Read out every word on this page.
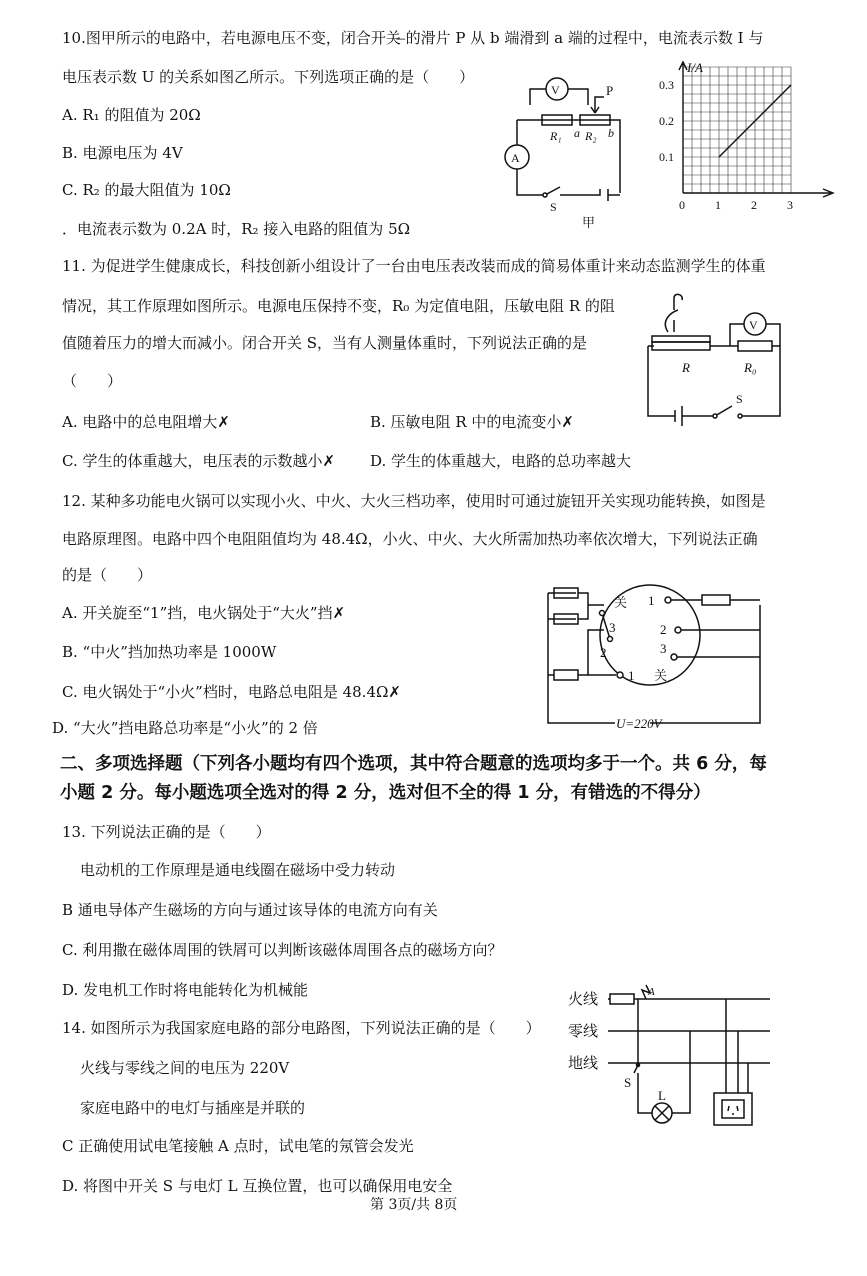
10.图甲所示的电路中，若电源电压不变，闭合开关 ̶的滑片 P 从 b 端滑到 a 端的过程中，电流表示数 I 与
电压表示数 U 的关系如图乙所示。下列选项正确的是（　　）
A. R₁ 的阻值为 20Ω
B. 电源电压为 4V
C. R₂ 的最大阻值为 10Ω
．电流表示数为 0.2A 时，R₂ 接入电路的阻值为 5Ω
V
A
P
R₁ a R₂ b
S
甲
I/A
0.3
0.2
0.1
0	1	2	3
11. 为促进学生健康成长，科技创新小组设计了一台由电压表改装而成的简易体重计来动态监测学生的体重
情况，其工作原理如图所示。电源电压保持不变，R₀ 为定值电阻，压敏电阻 R 的阻
值随着压力的增大而减小。闭合开关 S，当有人测量体重时，下列说法正确的是
（　　）
A. 电路中的总电阻增大✗	B. 压敏电阻 R 中的电流变小✗
C. 学生的体重越大，电压表的示数越小✗ D. 学生的体重越大，电路的总功率越大
V
R	R₀
S
12. 某种多功能电火锅可以实现小火、中火、大火三档功率，使用时可通过旋钮开关实现功能转换，如图是
电路原理图。电路中四个电阻阻值均为 48.4Ω，小火、中火、大火所需加热功率依次增大，下列说法正确
的是（　　）
A. 开关旋至“1”挡，电火锅处于“大火”挡✗
B. “中火”挡加热功率是 1000W
C. 电火锅处于“小火”档时，电路总电阻是 48.4Ω✗
D. “大火”挡电路总功率是“小火”的 2 倍
关 1
3	2
3
2
1 关
U=220V
二、多项选择题（下列各小题均有四个选项，其中符合题意的选项均多于一个。共 6 分，每
小题 2 分。每小题选项全选对的得 2 分，选对但不全的得 1 分，有错选的不得分）
13. 下列说法正确的是（　　）
电动机的工作原理是通电线圈在磁场中受力转动
B 通电导体产生磁场的方向与通过该导体的电流方向有关
C. 利用撒在磁体周围的铁屑可以判断该磁体周围各点的磁场方向？
D. 发电机工作时将电能转化为机械能
14. 如图所示为我国家庭电路的部分电路图，下列说法正确的是（　　）
火线与零线之间的电压为 220V
家庭电路中的电灯与插座是并联的
C 正确使用试电笔接触 A 点时，试电笔的氖管会发光
D. 将图中开关 S 与电灯 L 互换位置，也可以确保用电安全
火线
零线
地线
A
S
L
第 3页/共 8页
